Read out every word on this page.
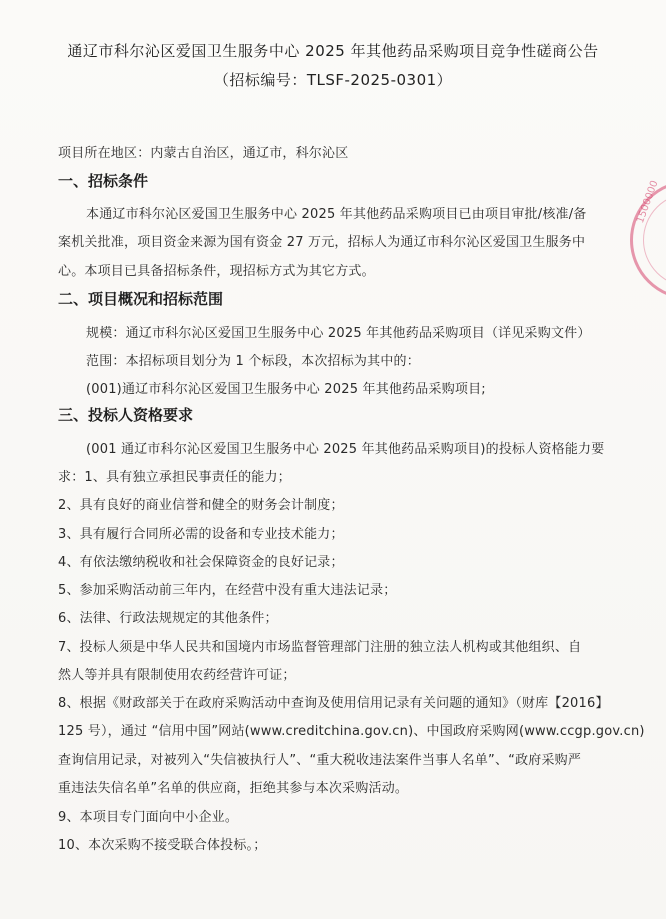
通辽市科尔沁区爱国卫生服务中心 2025 年其他药品采购项目竞争性磋商公告
（招标编号：TLSF-2025-0301）
项目所在地区：内蒙古自治区，通辽市，科尔沁区
一、招标条件
本通辽市科尔沁区爱国卫生服务中心 2025 年其他药品采购项目已由项目审批/核准/备
案机关批准，项目资金来源为国有资金 27 万元，招标人为通辽市科尔沁区爱国卫生服务中
心。本项目已具备招标条件，现招标方式为其它方式。
二、项目概况和招标范围
规模：通辽市科尔沁区爱国卫生服务中心 2025 年其他药品采购项目（详见采购文件）
范围：本招标项目划分为 1 个标段，本次招标为其中的：
(001)通辽市科尔沁区爱国卫生服务中心 2025 年其他药品采购项目;
三、投标人资格要求
(001 通辽市科尔沁区爱国卫生服务中心 2025 年其他药品采购项目)的投标人资格能力要
求：1、具有独立承担民事责任的能力；
2、具有良好的商业信誉和健全的财务会计制度；
3、具有履行合同所必需的设备和专业技术能力；
4、有依法缴纳税收和社会保障资金的良好记录；
5、参加采购活动前三年内，在经营中没有重大违法记录；
6、法律、行政法规规定的其他条件；
7、投标人须是中华人民共和国境内市场监督管理部门注册的独立法人机构或其他组织、自
然人等并具有限制使用农药经营许可证；
8、根据《财政部关于在政府采购活动中查询及使用信用记录有关问题的通知》（财库【2016】
125 号），通过 “信用中国”网站(www.creditchina.gov.cn)、中国政府采购网(www.ccgp.gov.cn)
查询信用记录，对被列入“失信被执行人”、“重大税收违法案件当事人名单”、“政府采购严
重违法失信名单”名单的供应商，拒绝其参与本次采购活动。
9、本项目专门面向中小企业。
10、本次采购不接受联合体投标。；
1500000
